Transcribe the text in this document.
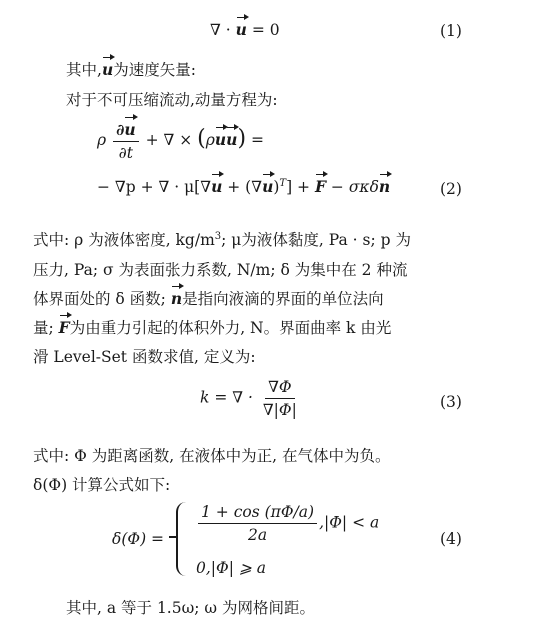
∇ · u = 0	(1)
其中,u为速度矢量:
对于不可压缩流动,动量方程为:
ρ $\frac{\partial u}{\partial t}$ + ∇ × (ρuu) =
− ∇p + ∇ · $\mu[\nabla u + (\nabla u)^T] + F - \sigma\kappa\delta n$	(2)
式中: ρ 为液体密度, $kg/m^3$; μ为液体黏度, Pa · s; p 为
压力, Pa; σ 为表面张力系数, N/m; δ 为集中在 2 种流
体界面处的 δ 函数; n是指向液滴的界面的单位法向
量; F为由重力引起的体积外力, N。界面曲率 k 由光
滑 Level-Set 函数求值, 定义为:
k = ∇ · $\frac{\nabla\Phi}{\nabla|\Phi|}$	(3)
式中: Φ 为距离函数, 在液体中为正, 在气体中为负。
δ(Φ) 计算公式如下:
$\delta(\Phi) = \frac{1 + \cos (\pi\Phi/a)}{2a} ,|\Phi| < a$
0,|Φ| ⩾ a
(4)
其中, a 等于 1.5ω; ω 为网格间距。
